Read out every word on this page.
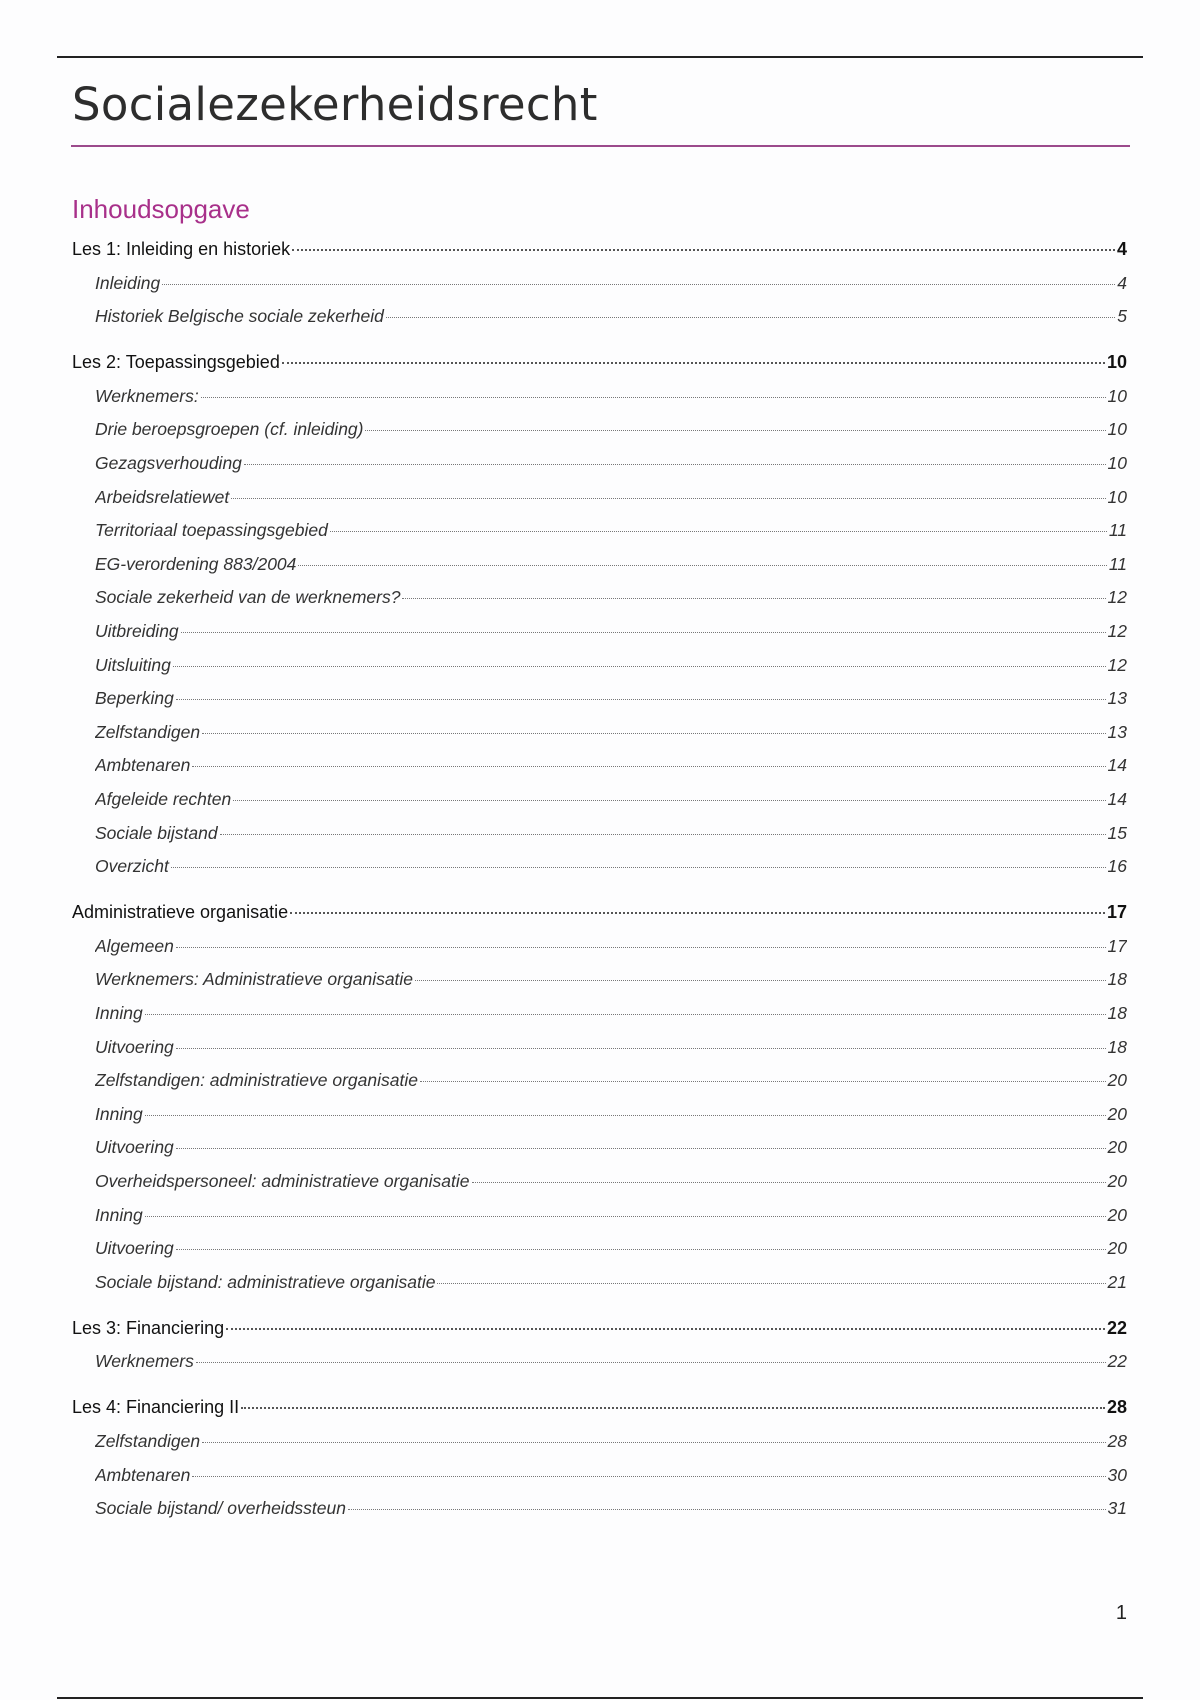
Socialezekerheidsrecht
Inhoudsopgave
Les 1: Inleiding en historiek	4
Inleiding	4
Historiek Belgische sociale zekerheid	5
Les 2: Toepassingsgebied	10
Werknemers:	10
Drie beroepsgroepen (cf. inleiding)	10
Gezagsverhouding	10
Arbeidsrelatiewet	10
Territoriaal toepassingsgebied	11
EG-verordening 883/2004	11
Sociale zekerheid van de werknemers?	12
Uitbreiding	12
Uitsluiting	12
Beperking	13
Zelfstandigen	13
Ambtenaren	14
Afgeleide rechten	14
Sociale bijstand	15
Overzicht	16
Administratieve organisatie	17
Algemeen	17
Werknemers: Administratieve organisatie	18
Inning	18
Uitvoering	18
Zelfstandigen: administratieve organisatie	20
Inning	20
Uitvoering	20
Overheidspersoneel: administratieve organisatie	20
Inning	20
Uitvoering	20
Sociale bijstand: administratieve organisatie	21
Les 3: Financiering	22
Werknemers	22
Les 4: Financiering II	28
Zelfstandigen	28
Ambtenaren	30
Sociale bijstand/ overheidssteun	31
1
